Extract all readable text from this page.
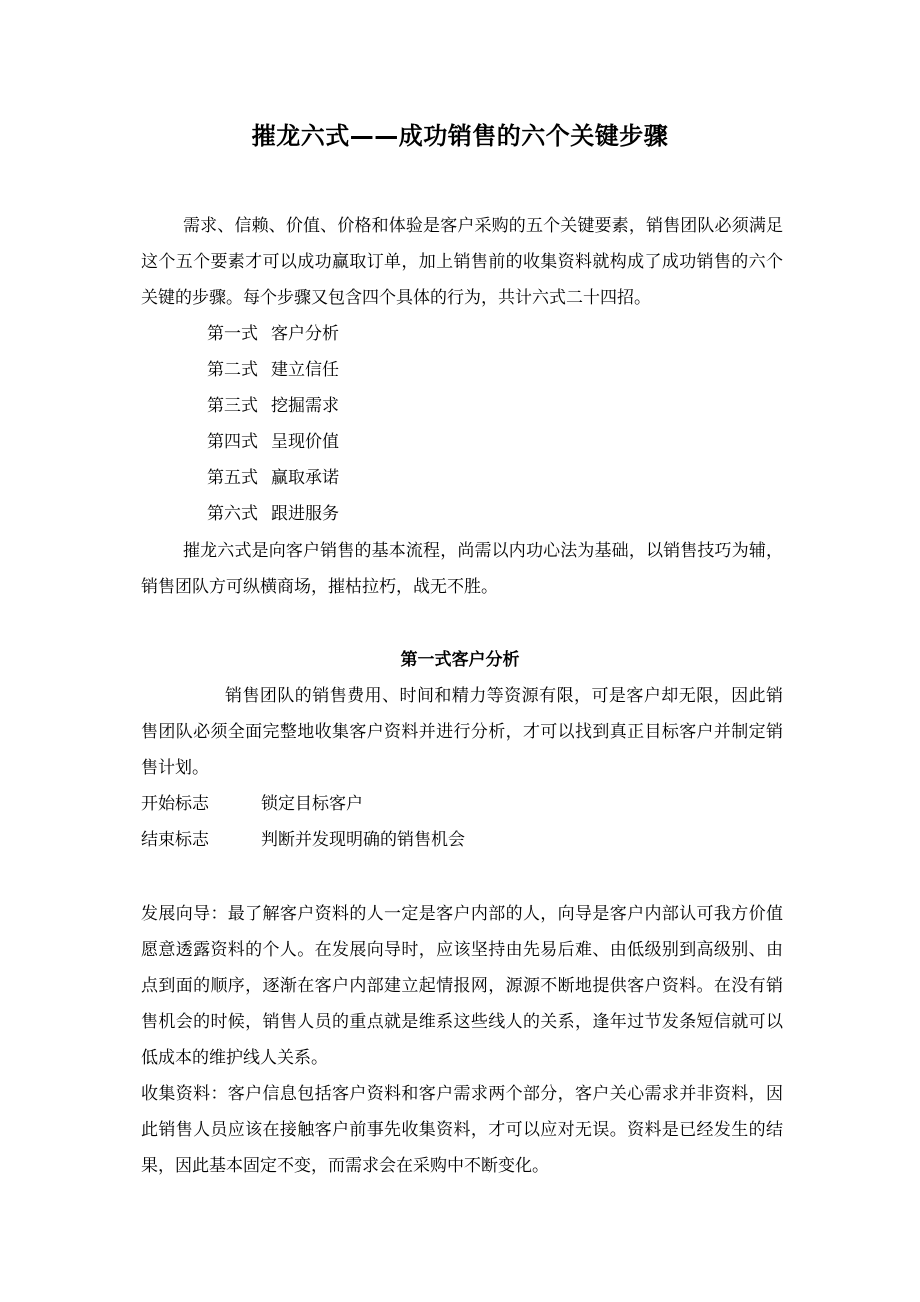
摧龙六式——成功销售的六个关键步骤

需求、信赖、价值、价格和体验是客户采购的五个关键要素，销售团队必须满足这个五个要素才可以成功赢取订单，加上销售前的收集资料就构成了成功销售的六个关键的步骤。每个步骤又包含四个具体的行为，共计六式二十四招。

第一式 客户分析
第二式 建立信任
第三式 挖掘需求
第四式 呈现价值
第五式 赢取承诺
第六式 跟进服务

摧龙六式是向客户销售的基本流程，尚需以内功心法为基础，以销售技巧为辅，销售团队方可纵横商场，摧枯拉朽，战无不胜。

第一式客户分析

销售团队的销售费用、时间和精力等资源有限，可是客户却无限，因此销售团队必须全面完整地收集客户资料并进行分析，才可以找到真正目标客户并制定销售计划。

开始标志	锁定目标客户
结束标志	判断并发现明确的销售机会

发展向导：最了解客户资料的人一定是客户内部的人，向导是客户内部认可我方价值愿意透露资料的个人。在发展向导时，应该坚持由先易后难、由低级别到高级别、由点到面的顺序，逐渐在客户内部建立起情报网，源源不断地提供客户资料。在没有销售机会的时候，销售人员的重点就是维系这些线人的关系，逢年过节发条短信就可以低成本的维护线人关系。

收集资料：客户信息包括客户资料和客户需求两个部分，客户关心需求并非资料，因此销售人员应该在接触客户前事先收集资料，才可以应对无误。资料是已经发生的结果，因此基本固定不变，而需求会在采购中不断变化。
